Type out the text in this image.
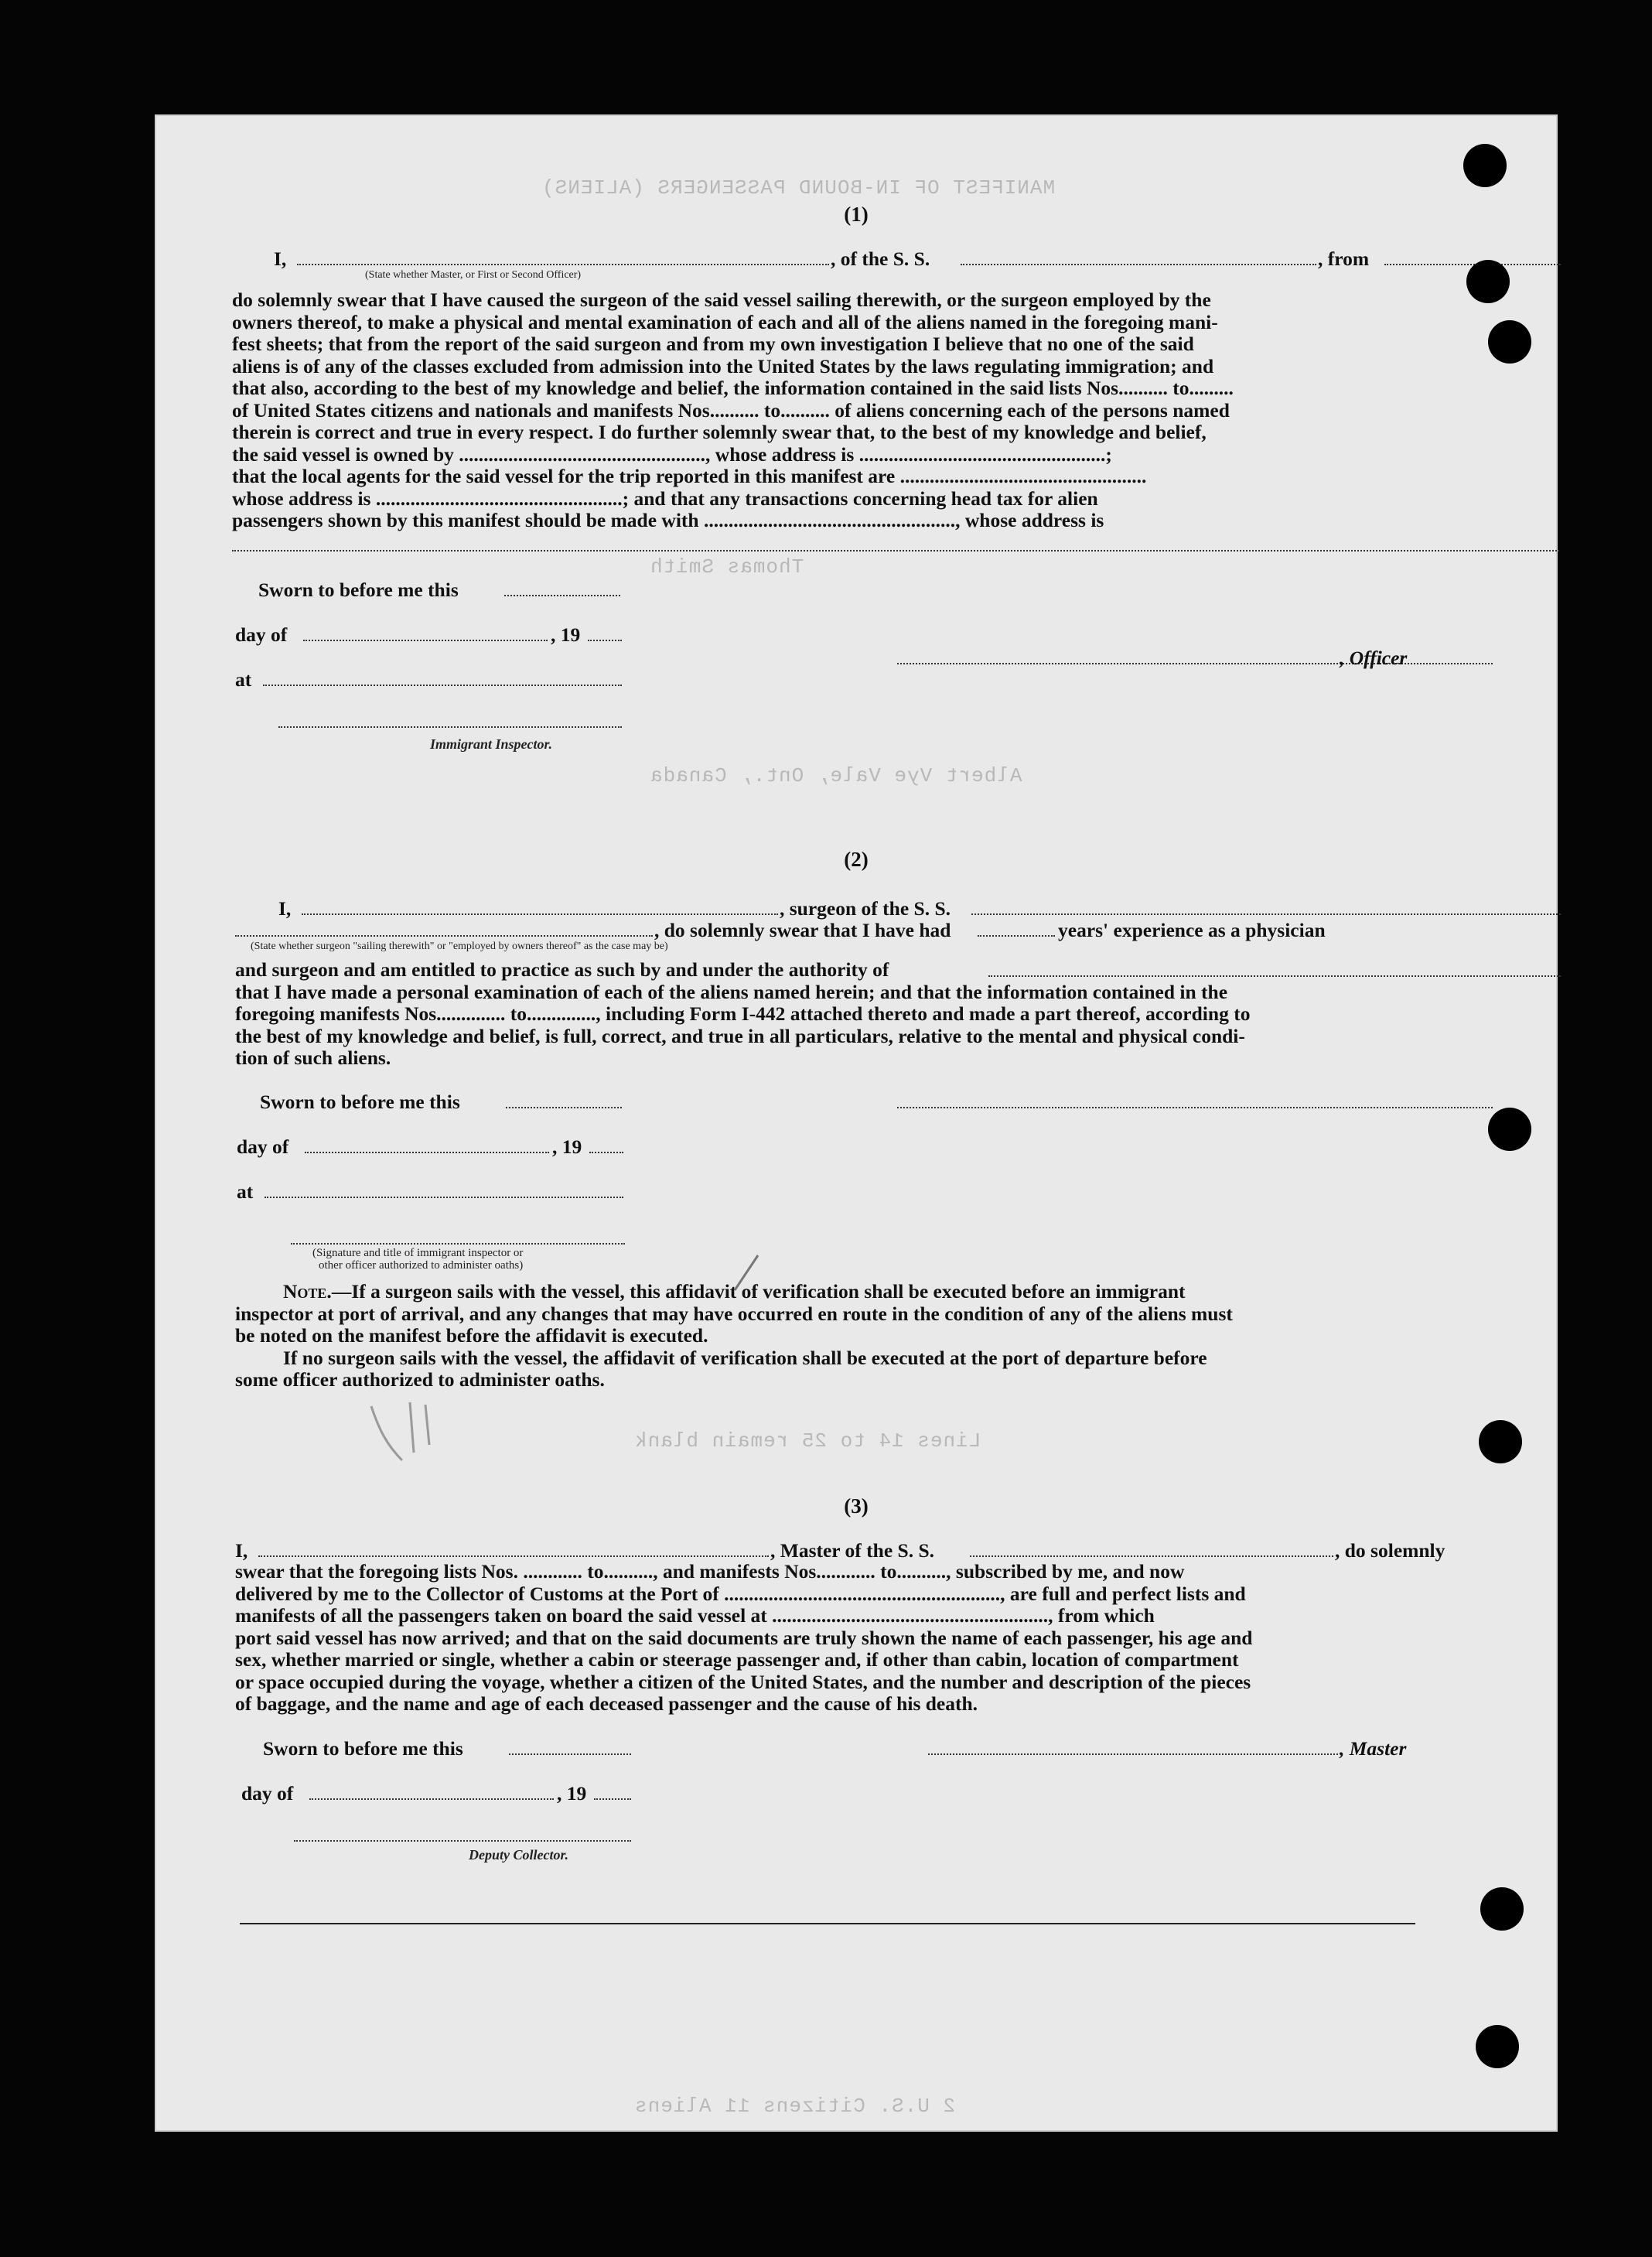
MANIFEST OF IN-BOUND PASSENGERS (ALIENS)
Thomas Smith
Albert Vye Vale, Ont., Canada
Lines 14 to 25 remain blank
2 U.S. Citizens 11 Aliens
(1)
I,	, of the S. S.	, from
(State whether Master, or First or Second Officer)
do solemnly swear that I have caused the surgeon of the said vessel sailing therewith, or the surgeon employed by the
owners thereof, to make a physical and mental examination of each and all of the aliens named in the foregoing mani-
fest sheets; that from the report of the said surgeon and from my own investigation I believe that no one of the said
aliens is of any of the classes excluded from admission into the United States by the laws regulating immigration; and
that also, according to the best of my knowledge and belief, the information contained in the said lists Nos.......... to.........
of United States citizens and nationals and manifests Nos.......... to.......... of aliens concerning each of the persons named
therein is correct and true in every respect. I do further solemnly swear that, to the best of my knowledge and belief,
the said vessel is owned by .................................................., whose address is ..................................................;
that the local agents for the said vessel for the trip reported in this manifest are ..................................................
whose address is ..................................................; and that any transactions concerning head tax for alien
passengers shown by this manifest should be made with ..................................................., whose address is
Sworn to before me this
day of	, 19
at
, Officer
Immigrant Inspector.
(2)
I,	, surgeon of the S. S.
, do solemnly swear that I have had	years' experience as a physician
(State whether surgeon "sailing therewith" or "employed by owners thereof" as the case may be)
and surgeon and am entitled to practice as such by and under the authority of
that I have made a personal examination of each of the aliens named herein; and that the information contained in the
foregoing manifests Nos.............. to.............., including Form I-442 attached thereto and made a part thereof, according to
the best of my knowledge and belief, is full, correct, and true in all particulars, relative to the mental and physical condi-
tion of such aliens.
Sworn to before me this
day of	, 19
at
(Signature and title of immigrant inspector or
other officer authorized to administer oaths)
Note.—If a surgeon sails with the vessel, this affidavit of verification shall be executed before an immigrant
inspector at port of arrival, and any changes that may have occurred en route in the condition of any of the aliens must
be noted on the manifest before the affidavit is executed.
If no surgeon sails with the vessel, the affidavit of verification shall be executed at the port of departure before
some officer authorized to administer oaths.
(3)
I,	, Master of the S. S.	, do solemnly
swear that the foregoing lists Nos. ............ to.........., and manifests Nos............ to.........., subscribed by me, and now
delivered by me to the Collector of Customs at the Port of ........................................................, are full and perfect lists and
manifests of all the passengers taken on board the said vessel at ........................................................, from which
port said vessel has now arrived; and that on the said documents are truly shown the name of each passenger, his age and
sex, whether married or single, whether a cabin or steerage passenger and, if other than cabin, location of compartment
or space occupied during the voyage, whether a citizen of the United States, and the number and description of the pieces
of baggage, and the name and age of each deceased passenger and the cause of his death.
Sworn to before me this	, Master
day of	, 19
Deputy Collector.
